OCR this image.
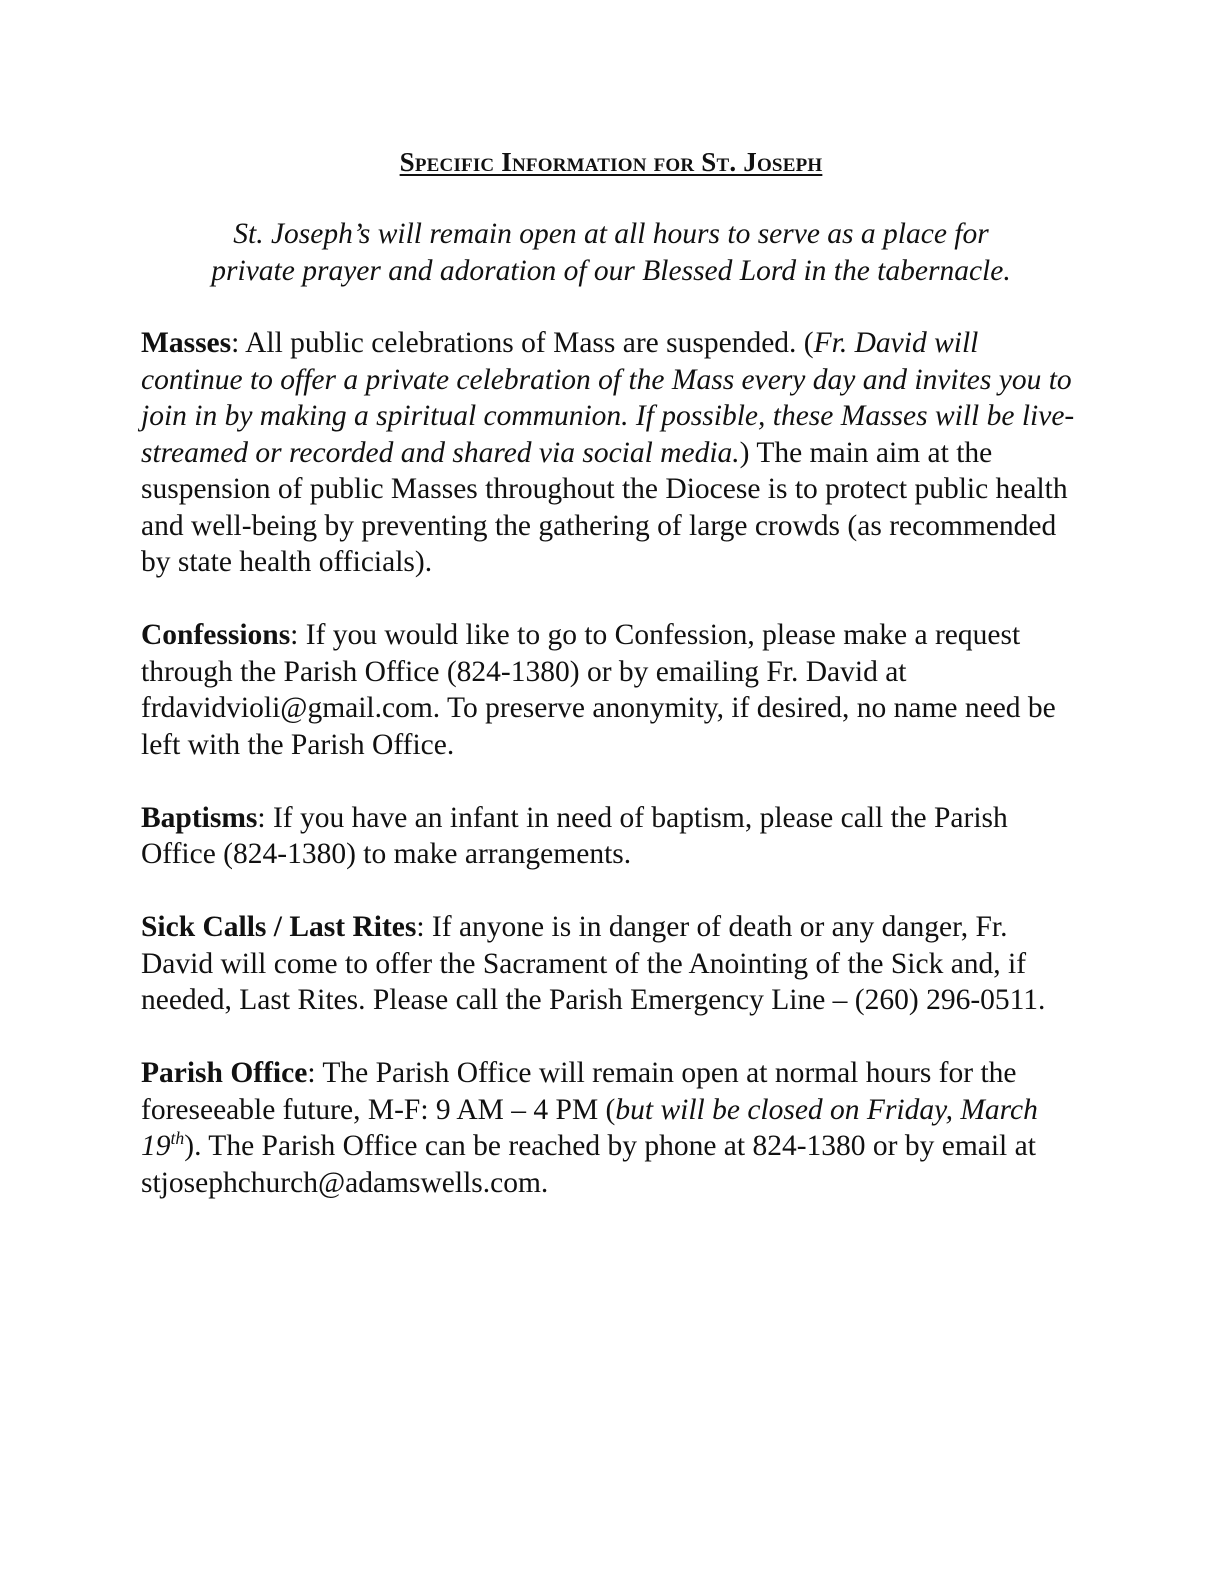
Specific Information for St. Joseph
St. Joseph’s will remain open at all hours to serve as a place for
private prayer and adoration of our Blessed Lord in the tabernacle.
Masses: All public celebrations of Mass are suspended. (Fr. David will continue to offer a private celebration of the Mass every day and invites you to join in by making a spiritual communion. If possible, these Masses will be live-streamed or recorded and shared via social media.) The main aim at the suspension of public Masses throughout the Diocese is to protect public health and well-being by preventing the gathering of large crowds (as recommended by state health officials).
Confessions: If you would like to go to Confession, please make a request through the Parish Office (824-1380) or by emailing Fr. David at frdavidvioli@gmail.com. To preserve anonymity, if desired, no name need be left with the Parish Office.
Baptisms: If you have an infant in need of baptism, please call the Parish Office (824-1380) to make arrangements.
Sick Calls / Last Rites: If anyone is in danger of death or any danger, Fr. David will come to offer the Sacrament of the Anointing of the Sick and, if needed, Last Rites. Please call the Parish Emergency Line – (260) 296-0511.
Parish Office: The Parish Office will remain open at normal hours for the foreseeable future, M-F: 9 AM – 4 PM (but will be closed on Friday, March 19th). The Parish Office can be reached by phone at 824-1380 or by email at stjosephchurch@adamswells.com.
